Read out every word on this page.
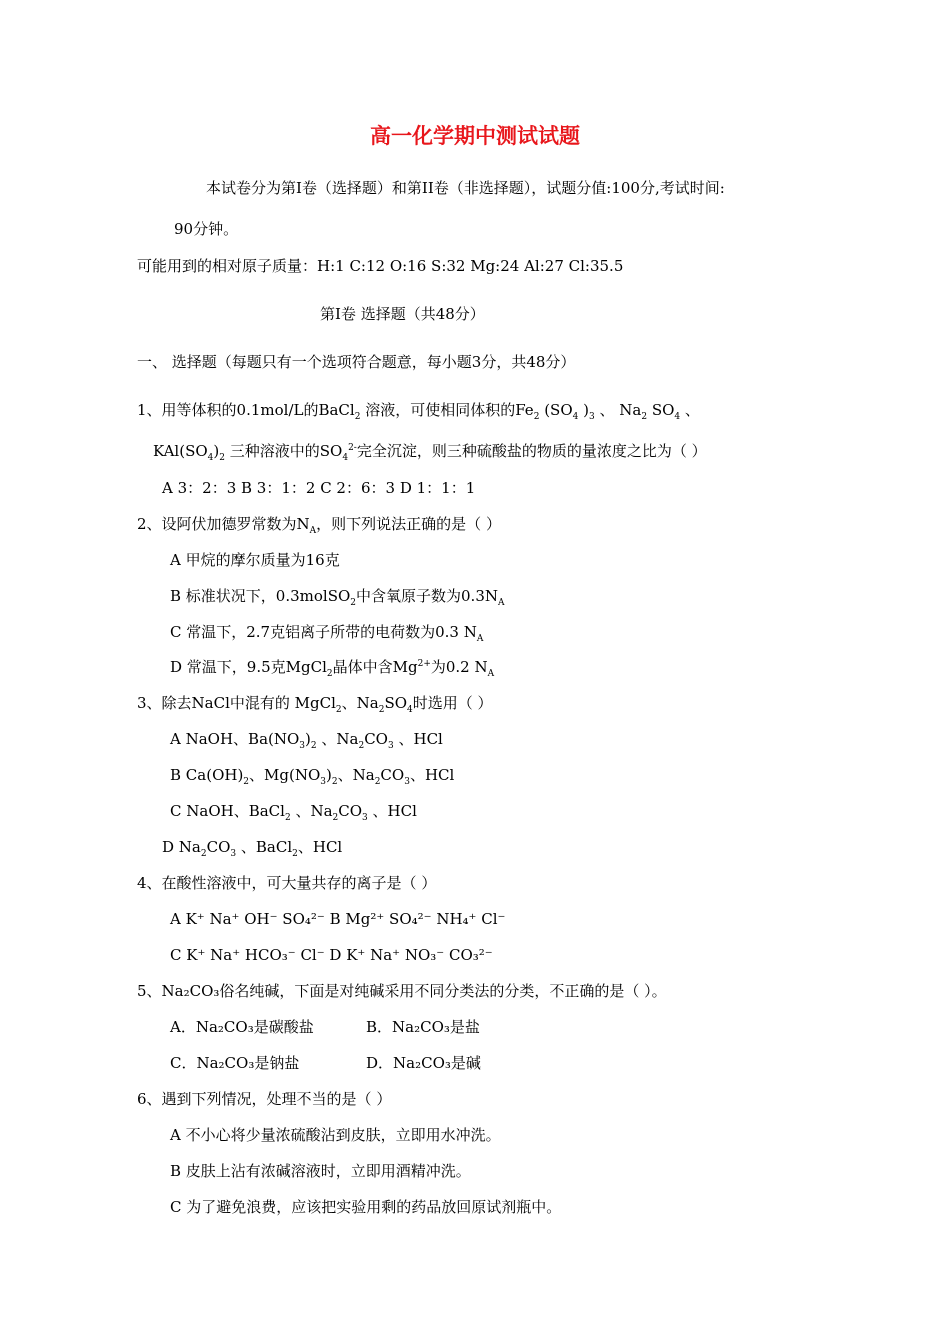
高一化学期中测试试题
本试卷分为第Ⅰ卷（选择题）和第II卷（非选择题），试题分值:100分,考试时间:
90分钟。
可能用到的相对原子质量：H:1 C:12 O:16 S:32 Mg:24 Al:27 Cl:35.5
第Ⅰ卷 选择题（共48分）
一、 选择题（每题只有一个选项符合题意，每小题3分，共48分）
1、用等体积的0.1mol/L的BaCl$_2$ 溶液，可使相同体积的$Fe_2$ ($SO_4$ )$_3$ 、 $Na_2$ $SO_4$ 、
$KAl(SO_4)_2$ 三种溶液中的$SO_4^{2-}$完全沉淀，则三种硫酸盐的物质的量浓度之比为（ ）
A 3：2：3 B 3：1：2 C 2：6：3 D 1：1：1
2、设阿伏加德罗常数为$N_A$，则下列说法正确的是（ ）
A 甲烷的摩尔质量为16克
B 标准状况下，0.3molSO$_2$中含氧原子数为$0.3N_A$
C 常温下，2.7克铝离子所带的电荷数为0.3 $N_A$
D 常温下，9.5克MgCl$_2$晶体中含$Mg^{2+}$为0.2 $N_A$
3、除去NaCl中混有的 MgCl$_2$、$Na_2SO_4$时选用（ ）
A NaOH、$Ba(NO_3)_2$ 、$Na_2CO_3$ 、HCl
B $Ca(OH)_2$、$Mg(NO_3)_2$、$Na_2CO_3$、HCl
C NaOH、BaCl$_2$ 、$Na_2CO_3$ 、HCl
D $Na_2CO_3$ 、BaCl$_2$、HCl
4、在酸性溶液中，可大量共存的离子是（ ）
A K⁺ Na⁺ OH⁻ SO₄²⁻ B Mg²⁺ SO₄²⁻ NH₄⁺ Cl⁻
C K⁺ Na⁺ HCO₃⁻ Cl⁻ D K⁺ Na⁺ NO₃⁻ CO₃²⁻
5、Na₂CO₃俗名纯碱，下面是对纯碱采用不同分类法的分类，不正确的是（ ）。
A．Na₂CO₃是碳酸盐	B．Na₂CO₃是盐
C．Na₂CO₃是钠盐	D．Na₂CO₃是碱
6、遇到下列情况，处理不当的是（ ）
A 不小心将少量浓硫酸沾到皮肤，立即用水冲洗。
B 皮肤上沾有浓碱溶液时，立即用酒精冲洗。
C 为了避免浪费，应该把实验用剩的药品放回原试剂瓶中。
